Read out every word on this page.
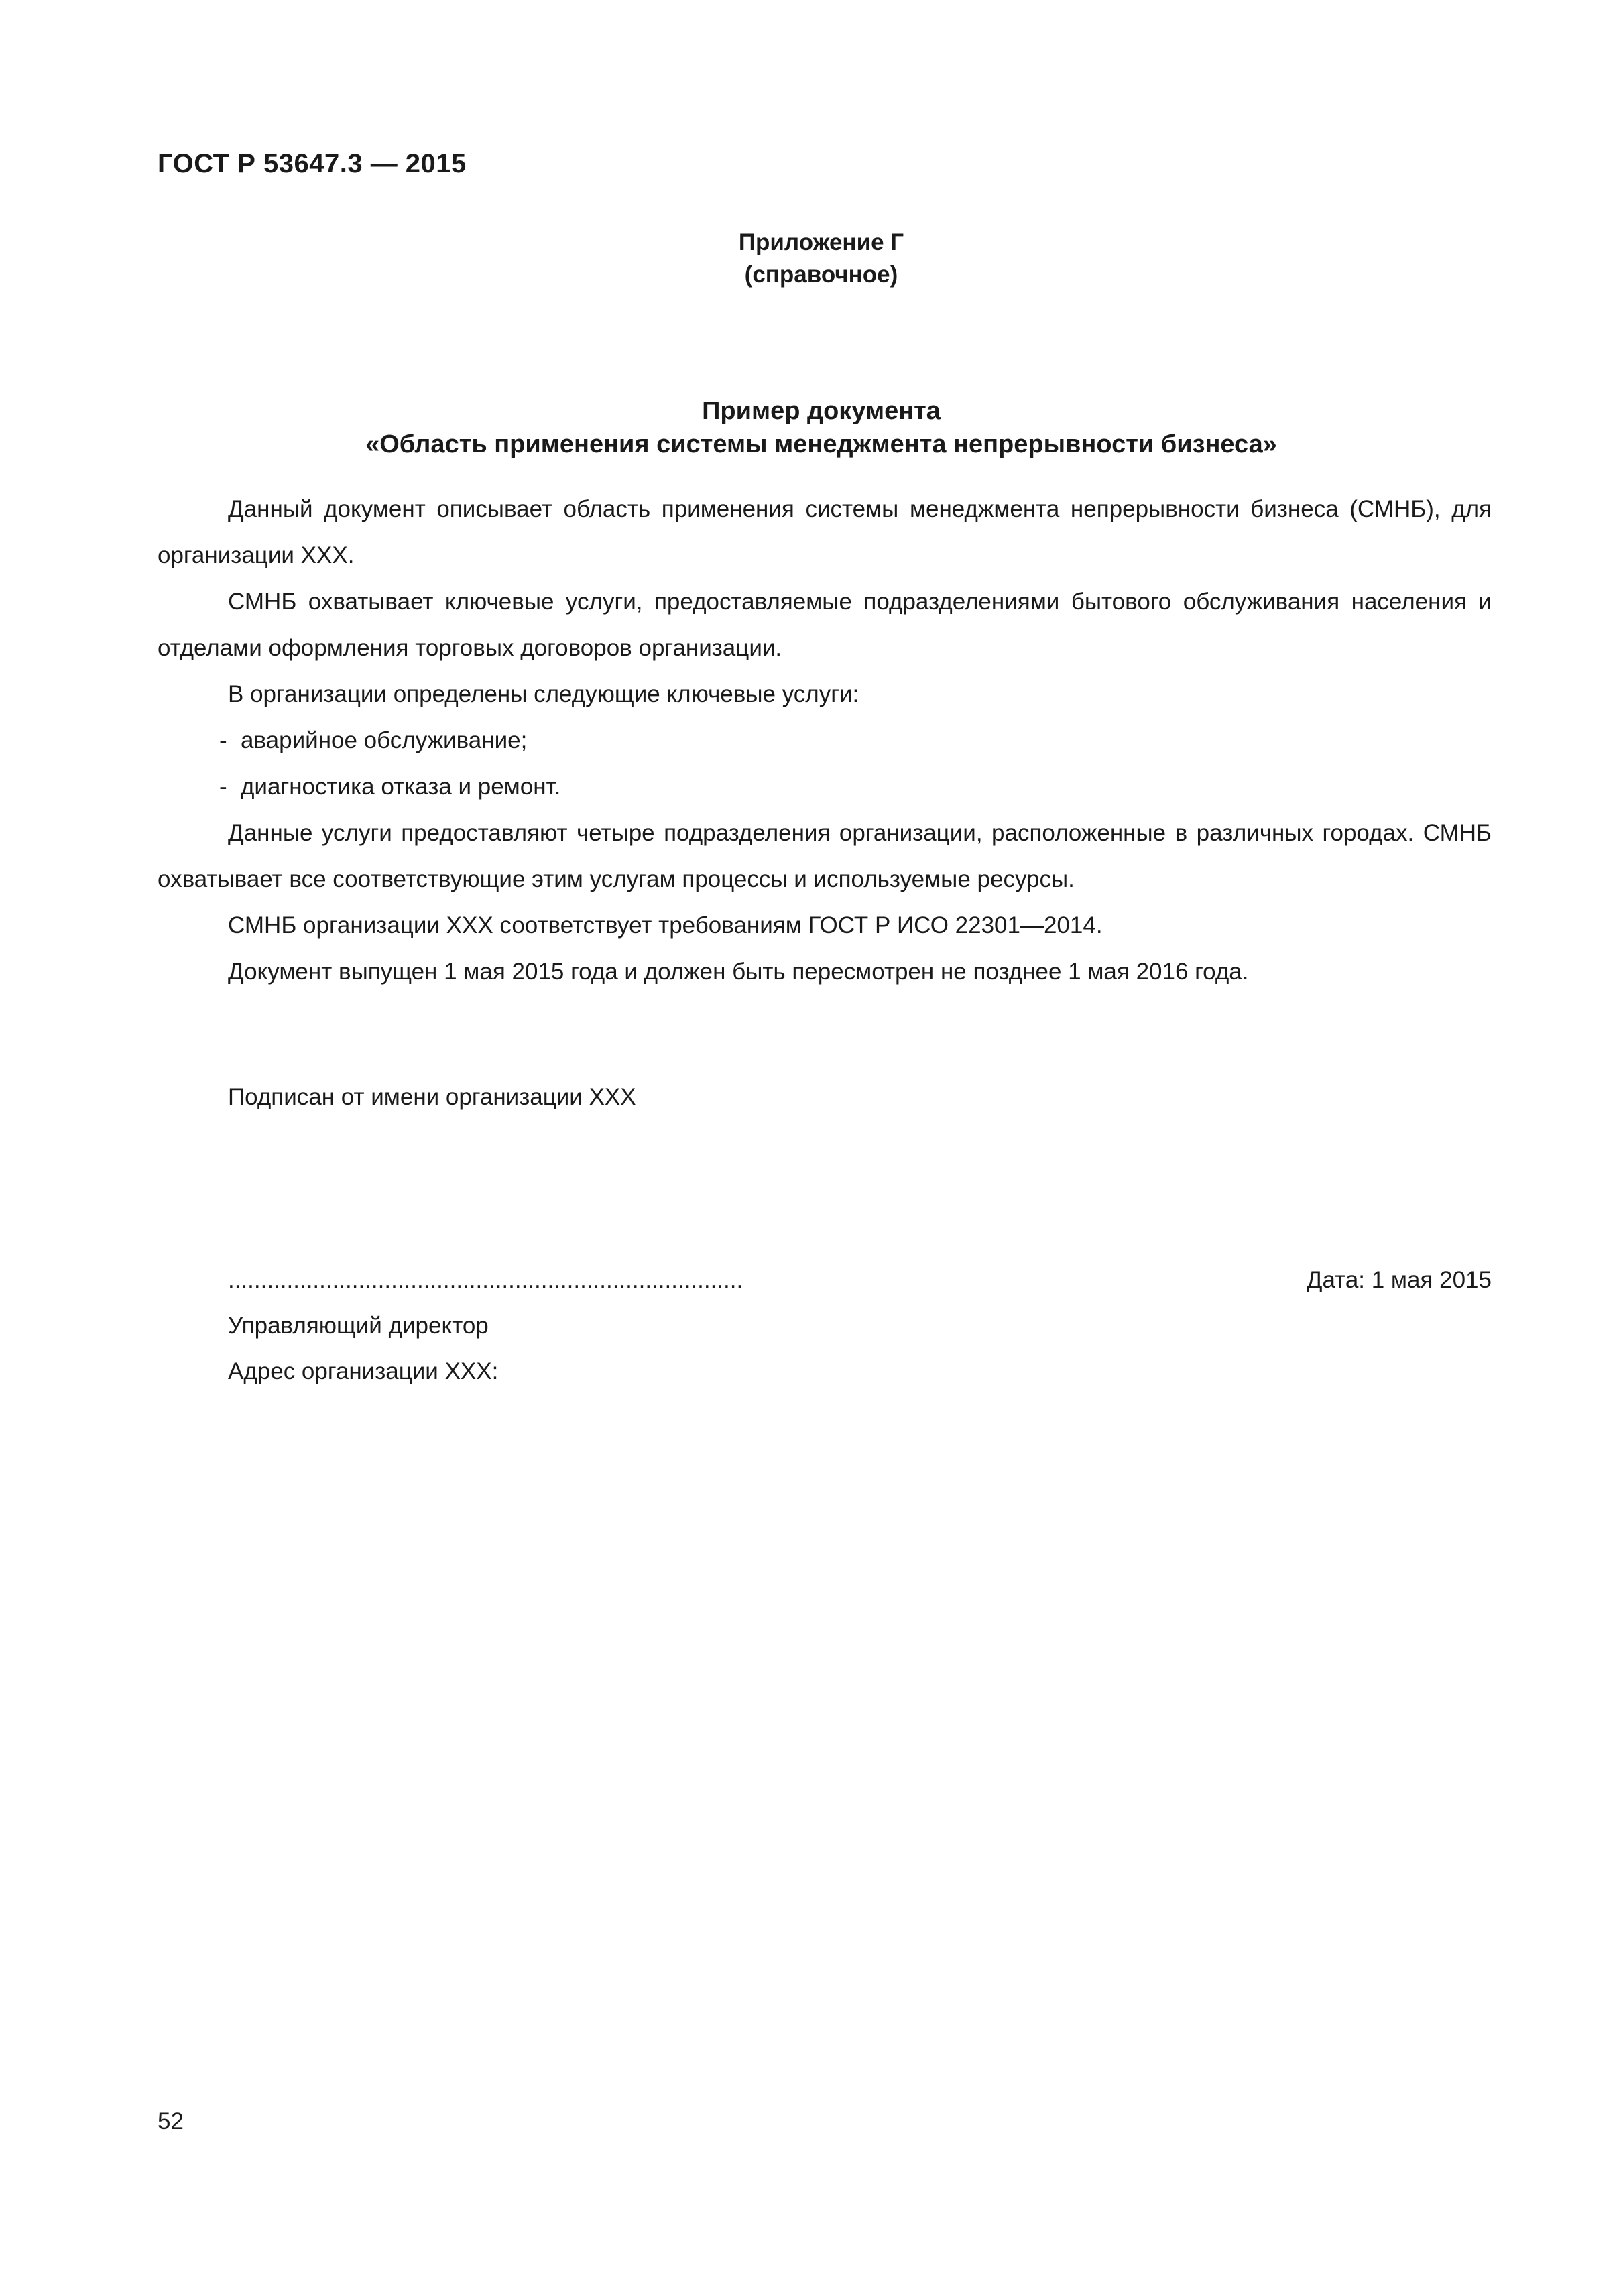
ГОСТ Р 53647.3 — 2015
Приложение Г
(справочное)
Пример документа
«Область применения системы менеджмента непрерывности бизнеса»

Данный документ описывает область применения системы менеджмента непрерывности бизнеса (СМНБ), для организации XXX.

СМНБ охватывает ключевые услуги, предоставляемые подразделениями бытового обслуживания населения и отделами оформления торговых договоров организации.

В организации определены следующие ключевые услуги:

- аварийное обслуживание;

- диагностика отказа и ремонт.

Данные услуги предоставляют четыре подразделения организации, расположенные в различных городах. СМНБ охватывает все соответствующие этим услугам процессы и используемые ресурсы.

СМНБ организации XXX соответствует требованиям ГОСТ Р ИСО 22301—2014.

Документ выпущен 1 мая 2015 года и должен быть пересмотрен не позднее 1 мая 2016 года.

Подписан от имени организации XXX
...............................................................................	Дата: 1 мая 2015
Управляющий директор
Адрес организации XXX:
52
